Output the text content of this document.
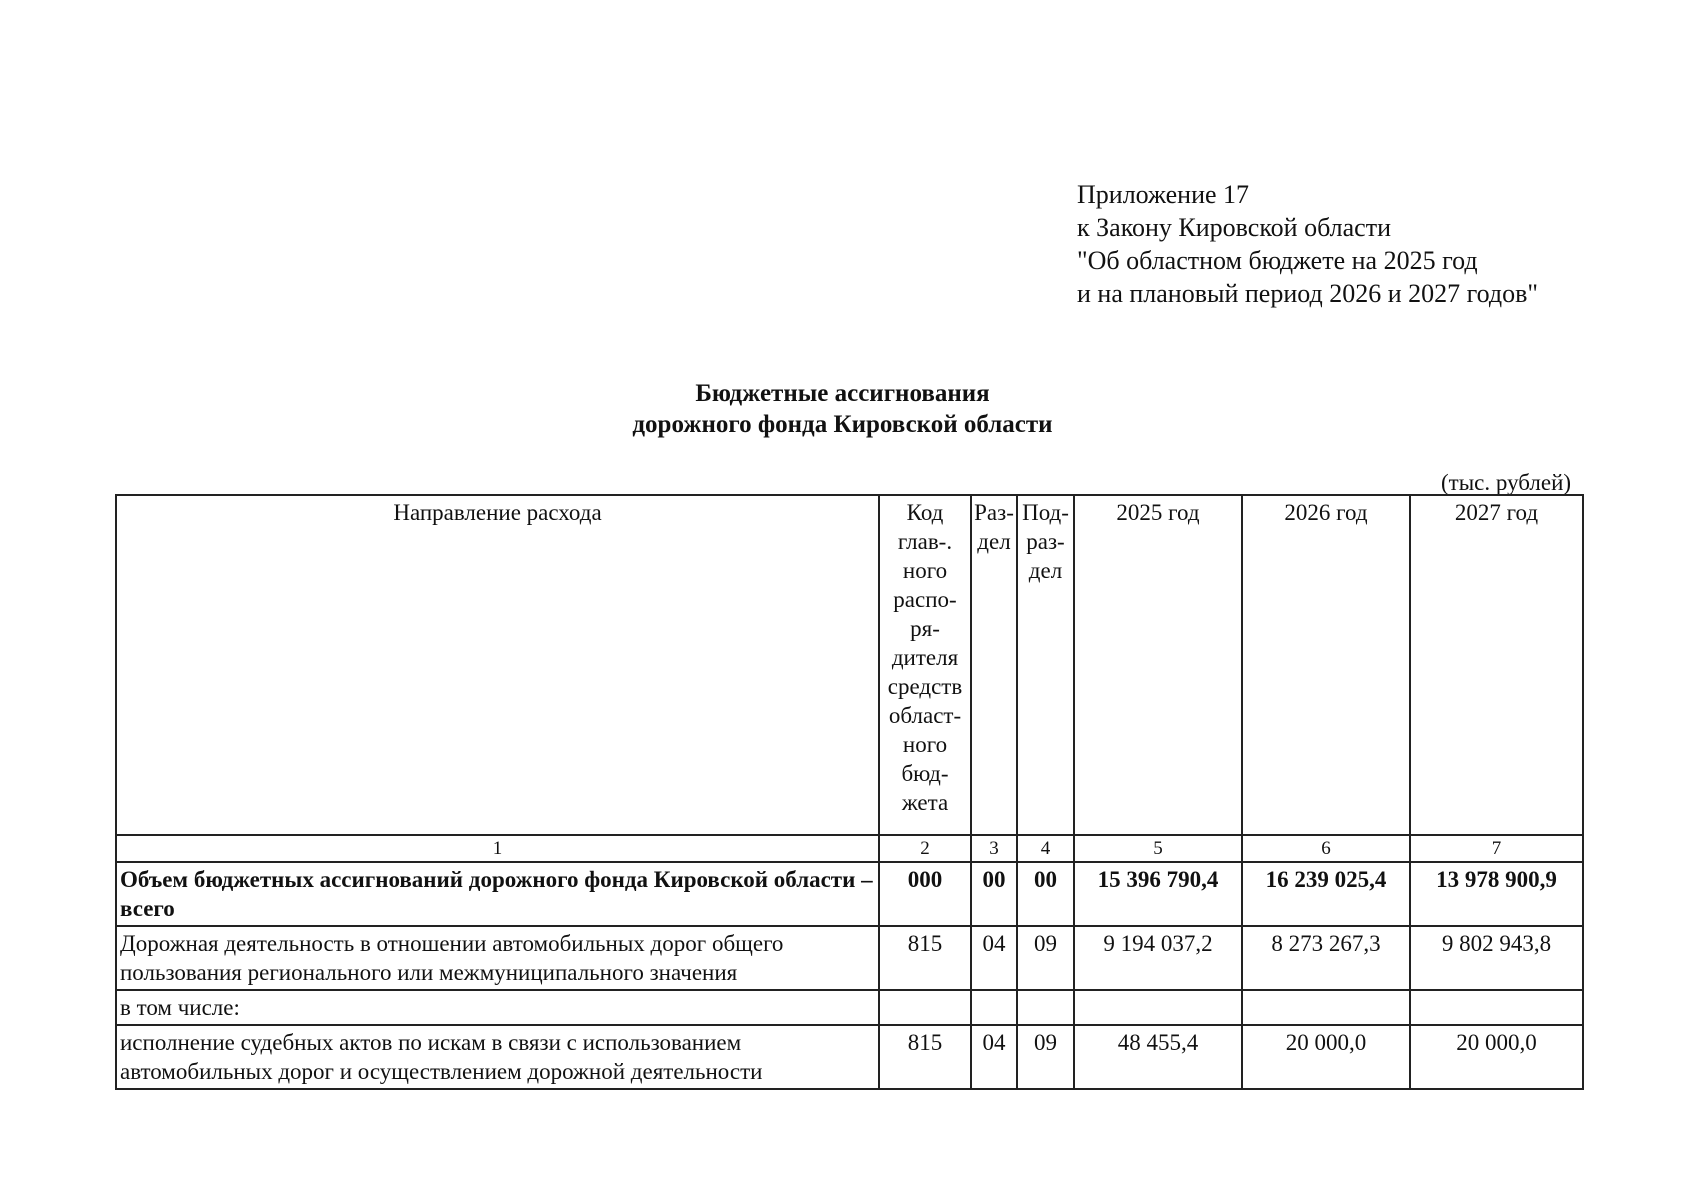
Приложение 17
к Закону Кировской области
"Об областном бюджете на 2025 год
и на плановый период 2026 и 2027 годов"
Бюджетные ассигнования
дорожного фонда Кировской области
(тыс. рублей)
Направление расхода	Код глав-. ного распо-ря-дителя средств област-ного бюд-жета	Раз-дел	Под-раз-дел	2025 год	2026 год	2027 год
1	2	3	4	5	6	7
Объем бюджетных ассигнований дорожного фонда Кировской области – всего	000	00	00	15 396 790,4	16 239 025,4	13 978 900,9
Дорожная деятельность в отношении автомобильных дорог общего пользования регионального или межмуниципального значения	815	04	09	9 194 037,2	8 273 267,3	9 802 943,8
в том числе:						
исполнение судебных актов по искам в связи с использованием автомобильных дорог и осуществлением дорожной деятельности	815	04	09	48 455,4	20 000,0	20 000,0
